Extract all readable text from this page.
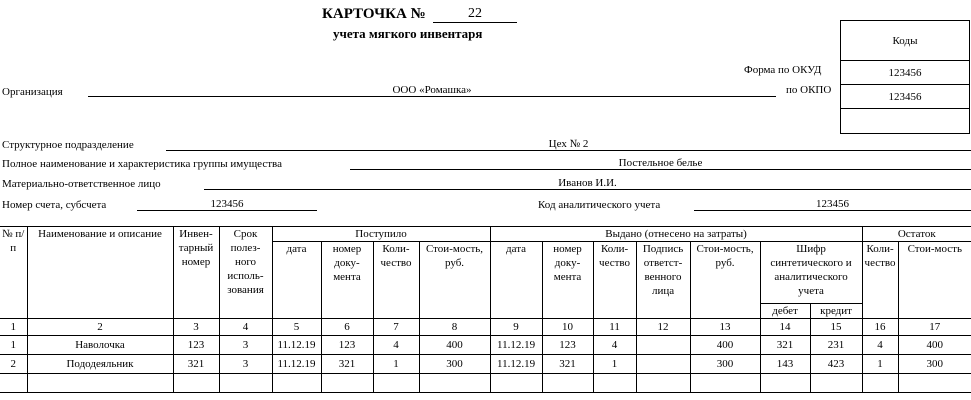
КАРТОЧКА №	22
учета мягкого инвентаря	Коды
123456
123456

Форма по ОКУД
по ОКПО
Организация	ООО «Ромашка»
Структурное подразделение	Цех № 2
Полное наименование и характеристика группы имущества	Постельное белье
Материально-ответственное лицо	Иванов И.И.
Номер счета, субсчета	123456	Код аналитического учета	123456
№ п/п	Наименование и описание	Инвен-тарный номер	Срок полез-ного исполь-зования	Поступило				Выдано (отнесено на затраты)							Остаток	
				дата	номер доку-мента	Коли-чество	Стои-мость, руб.	дата	номер доку-мента	Коли-чество	Подпись ответст-венного лица	Стои-мость, руб.	Шифр синтетического и аналитического учета		Коли-чество	Стои-мость
													дебет	кредит		
1	2	3	4	5	6	7	8	9	10	11	12	13	14	15	16	17
1	Наволочка	123	3	11.12.19	123	4	400	11.12.19	123	4		400	321	231	4	400
2	Пододеяльник	321	3	11.12.19	321	1	300	11.12.19	321	1		300	143	423	1	300
